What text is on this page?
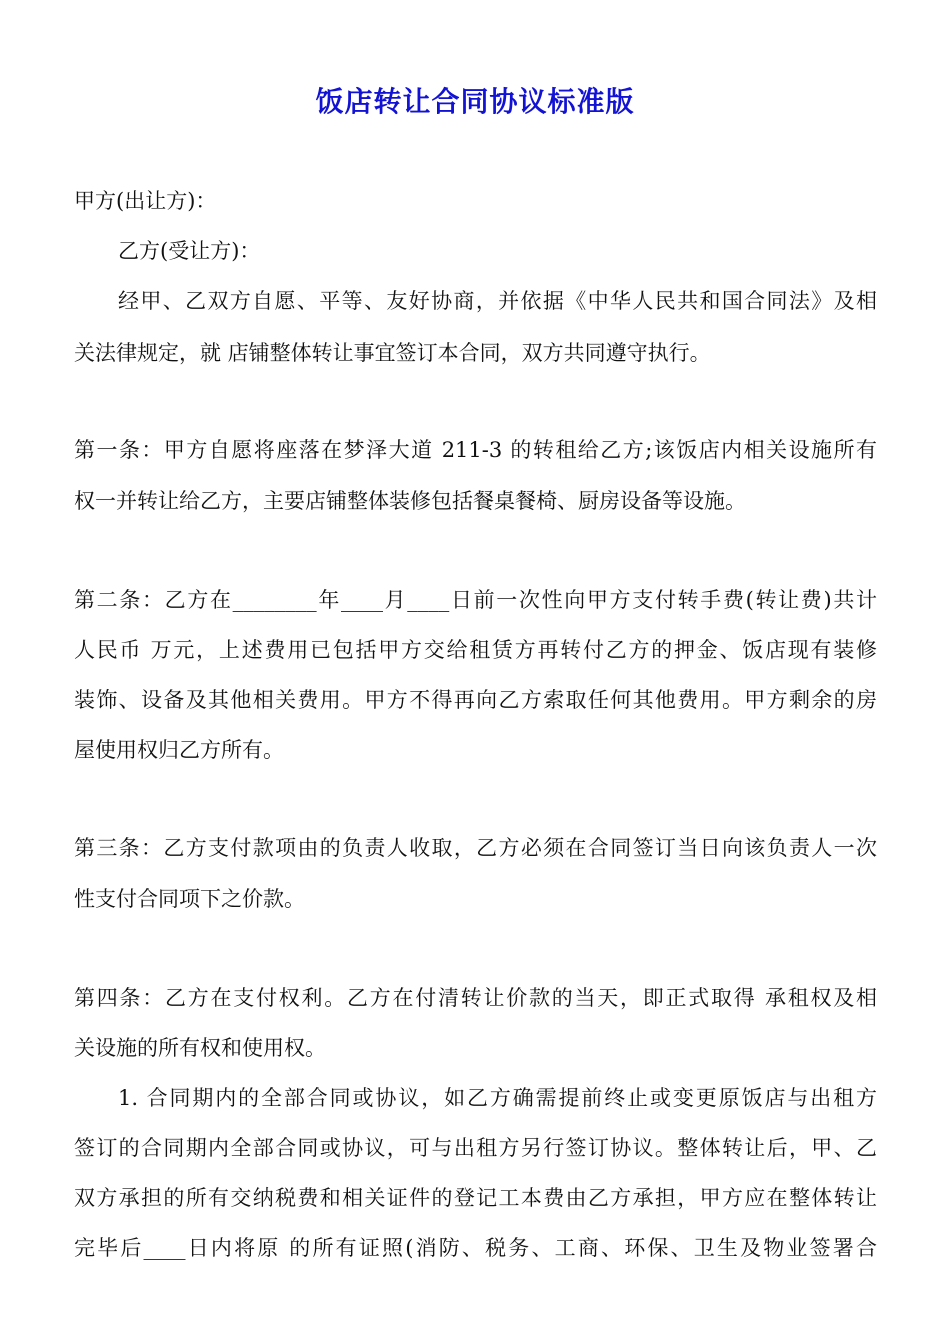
饭店转让合同协议标准版
甲方(出让方)：
乙方(受让方)：
经甲、乙双方自愿、平等、友好协商，并依据《中华人民共和国合同法》及相
关法律规定，就 店铺整体转让事宜签订本合同，双方共同遵守执行。
第一条：甲方自愿将座落在梦泽大道 211-3 的转租给乙方;该饭店内相关设施所有
权一并转让给乙方，主要店铺整体装修包括餐桌餐椅、厨房设备等设施。
第二条：乙方在________年____月____日前一次性向甲方支付转手费(转让费)共计
人民币 万元，上述费用已包括甲方交给租赁方再转付乙方的押金、饭店现有装修
装饰、设备及其他相关费用。甲方不得再向乙方索取任何其他费用。甲方剩余的房
屋使用权归乙方所有。
第三条：乙方支付款项由的负责人收取，乙方必须在合同签订当日向该负责人一次
性支付合同项下之价款。
第四条：乙方在支付权利。乙方在付清转让价款的当天，即正式取得 承租权及相
关设施的所有权和使用权。
1. 合同期内的全部合同或协议，如乙方确需提前终止或变更原饭店与出租方
签订的合同期内全部合同或协议，可与出租方另行签订协议。整体转让后，甲、乙
双方承担的所有交纳税费和相关证件的登记工本费由乙方承担，甲方应在整体转让
完毕后____日内将原 的所有证照(消防、税务、工商、环保、卫生及物业签署合
